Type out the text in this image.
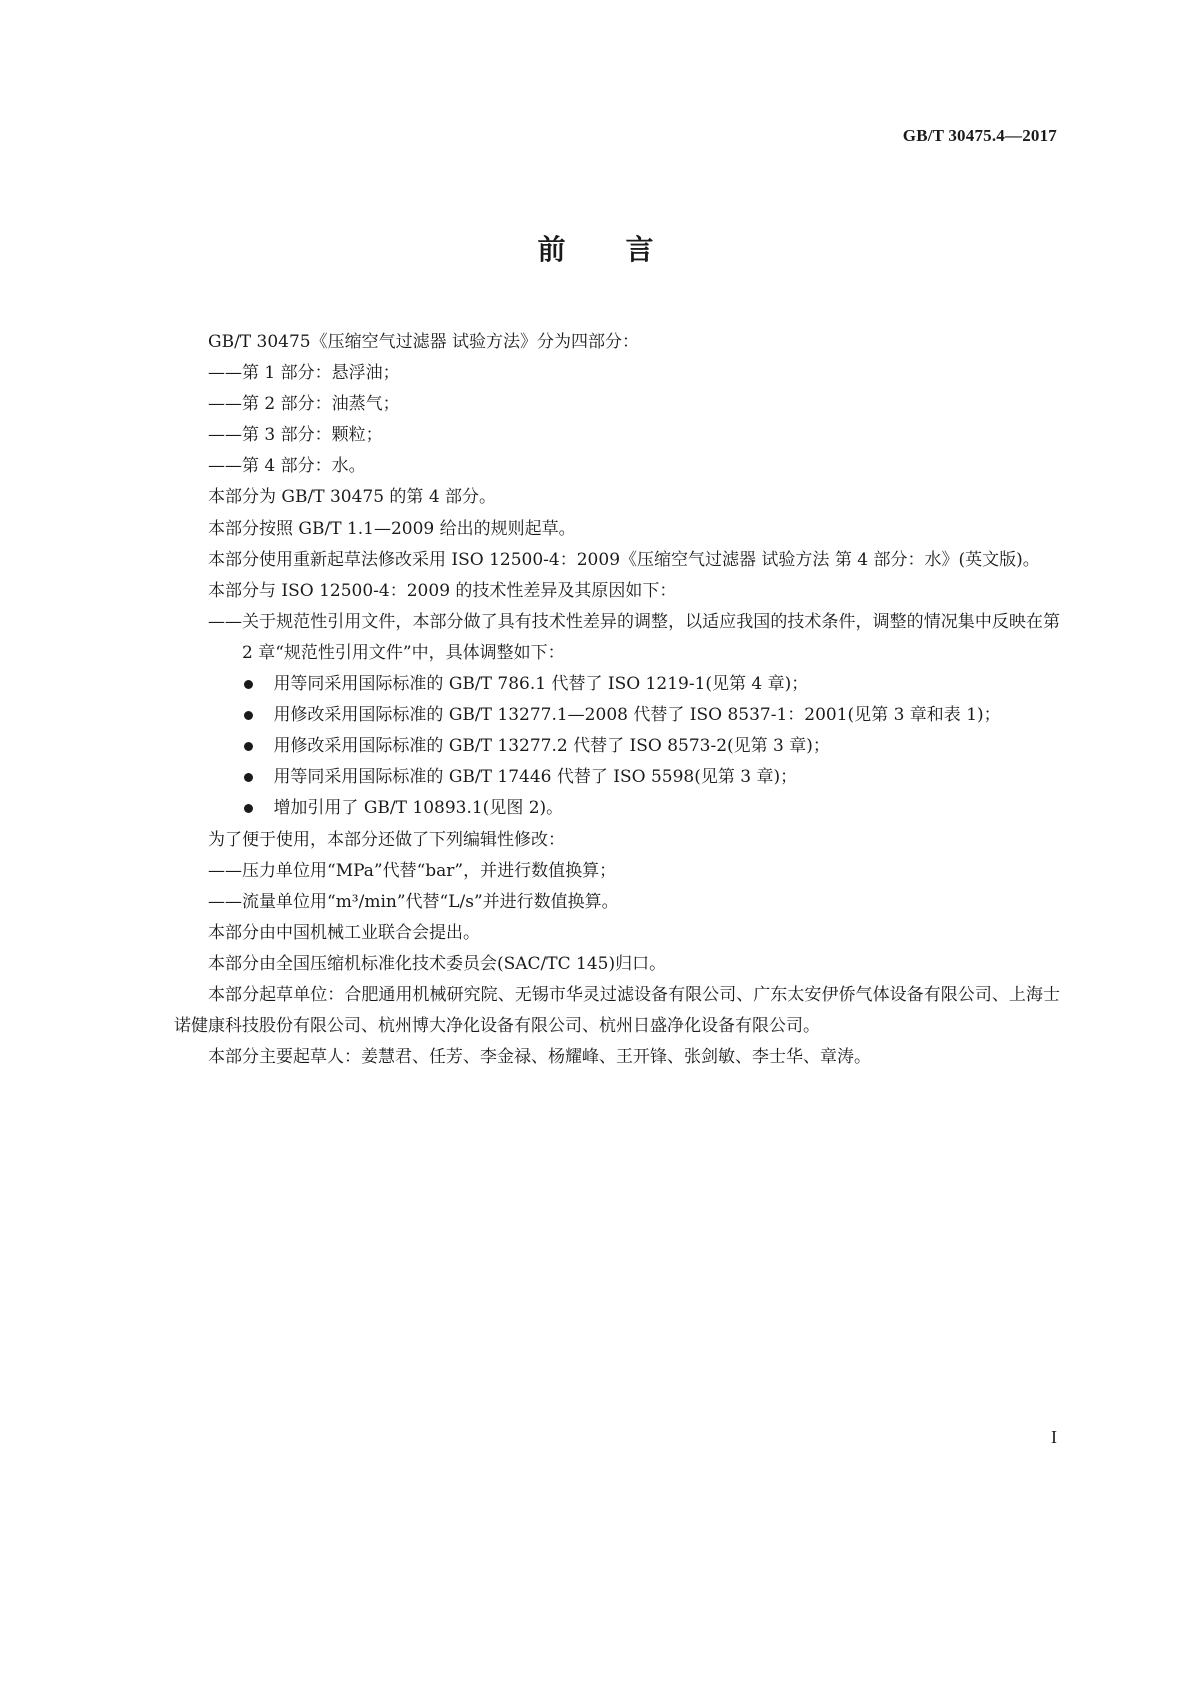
GB/T 30475.4—2017

前言

GB/T 30475《压缩空气过滤器 试验方法》分为四部分：

——第 1 部分：悬浮油；

——第 2 部分：油蒸气；

——第 3 部分：颗粒；

——第 4 部分：水。

本部分为 GB/T 30475 的第 4 部分。

本部分按照 GB/T 1.1—2009 给出的规则起草。

本部分使用重新起草法修改采用 ISO 12500-4：2009《压缩空气过滤器 试验方法 第 4 部分：水》(英文版)。

本部分与 ISO 12500-4：2009 的技术性差异及其原因如下：

——关于规范性引用文件，本部分做了具有技术性差异的调整，以适应我国的技术条件，调整的情况集中反映在第 2 章“规范性引用文件”中，具体调整如下：

用等同采用国际标准的 GB/T 786.1 代替了 ISO 1219-1(见第 4 章)；
用修改采用国际标准的 GB/T 13277.1—2008 代替了 ISO 8537-1：2001(见第 3 章和表 1)；
用修改采用国际标准的 GB/T 13277.2 代替了 ISO 8573-2(见第 3 章)；
用等同采用国际标准的 GB/T 17446 代替了 ISO 5598(见第 3 章)；
增加引用了 GB/T 10893.1(见图 2)。

为了便于使用，本部分还做了下列编辑性修改：

——压力单位用“MPa”代替“bar”，并进行数值换算；

——流量单位用“m³/min”代替“L/s”并进行数值换算。

本部分由中国机械工业联合会提出。

本部分由全国压缩机标准化技术委员会(SAC/TC 145)归口。

本部分起草单位：合肥通用机械研究院、无锡市华灵过滤设备有限公司、广东太安伊侨气体设备有限公司、上海士诺健康科技股份有限公司、杭州博大净化设备有限公司、杭州日盛净化设备有限公司。

本部分主要起草人：姜慧君、任芳、李金禄、杨耀峰、王开锋、张剑敏、李士华、章涛。

I
